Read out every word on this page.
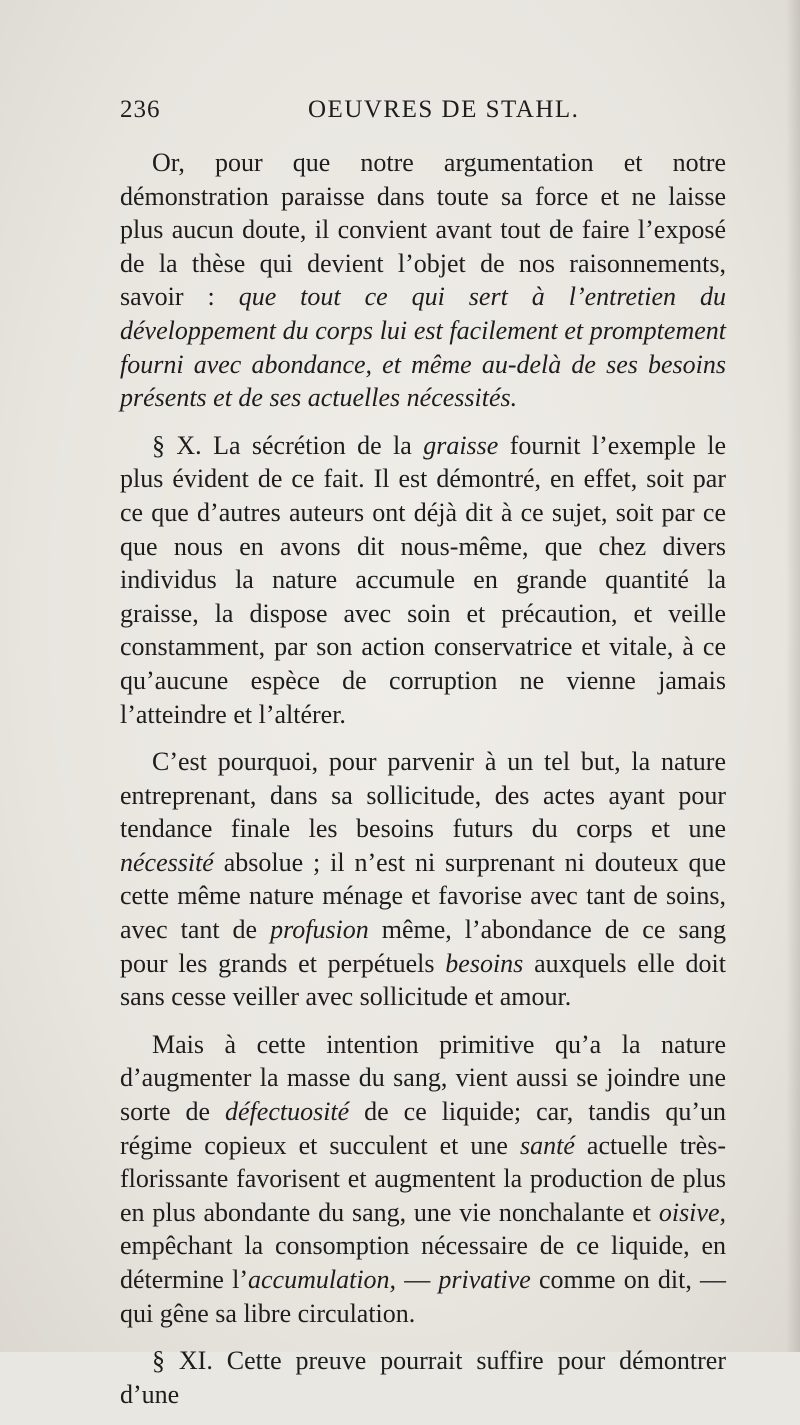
236	OEUVRES DE STAHL.

Or, pour que notre argumentation et notre démonstration paraisse dans toute sa force et ne laisse plus aucun doute, il convient avant tout de faire l’exposé de la thèse qui devient l’objet de nos raisonnements, savoir : que tout ce qui sert à l’entretien du développement du corps lui est facilement et promptement fourni avec abondance, et même au-delà de ses besoins présents et de ses actuelles nécessités.

§ X. La sécrétion de la graisse fournit l’exemple le plus évident de ce fait. Il est démontré, en effet, soit par ce que d’autres auteurs ont déjà dit à ce sujet, soit par ce que nous en avons dit nous-même, que chez divers individus la nature accumule en grande quantité la graisse, la dispose avec soin et précaution, et veille constamment, par son action conservatrice et vitale, à ce qu’aucune espèce de corruption ne vienne jamais l’atteindre et l’altérer.

C’est pourquoi, pour parvenir à un tel but, la nature entreprenant, dans sa sollicitude, des actes ayant pour tendance finale les besoins futurs du corps et une nécessité absolue ; il n’est ni surprenant ni douteux que cette même nature ménage et favorise avec tant de soins, avec tant de profusion même, l’abondance de ce sang pour les grands et perpétuels besoins auxquels elle doit sans cesse veiller avec sollicitude et amour.

Mais à cette intention primitive qu’a la nature d’augmenter la masse du sang, vient aussi se joindre une sorte de défectuosité de ce liquide; car, tandis qu’un régime copieux et succulent et une santé actuelle très-florissante favorisent et augmentent la production de plus en plus abondante du sang, une vie nonchalante et oisive, empêchant la consomption nécessaire de ce liquide, en détermine l’accumulation, — privative comme on dit, — qui gêne sa libre circulation.

§ XI. Cette preuve pourrait suffire pour démontrer d’une
